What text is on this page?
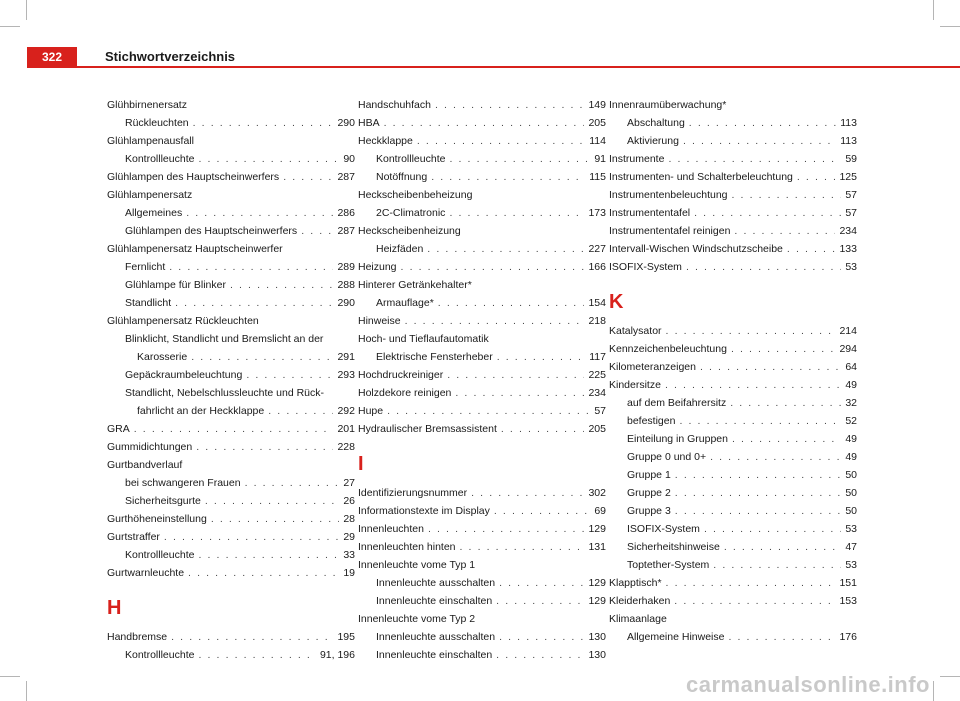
322	Stichwortverzeichnis
Glühbirnenersatz
Rückleuchten . . .	290
Glühlampenausfall
Kontrollleuchte . . .	90
Glühlampen des Hauptscheinwerfers . . .	287
Glühlampenersatz
Allgemeines . . .	286
Glühlampen des Hauptscheinwerfers . . .	287
Glühlampenersatz Hauptscheinwerfer
Fernlicht . . .	289
Glühlampe für Blinker . . .	288
Standlicht . . .	290
Glühlampenersatz Rückleuchten
Blinklicht, Standlicht und Bremslicht an der
Karosserie . . .	291
Gepäckraumbeleuchtung . . .	293
Standlicht, Nebelschlussleuchte und Rück-
fahrlicht an der Heckklappe . . .	292
GRA . . .	201
Gummidichtungen . . .	228
Gurtbandverlauf
bei schwangeren Frauen . . .	27
Sicherheitsgurte . . .	26
Gurthöheneinstellung . . .	28
Gurtstraffer . . .	29
Kontrollleuchte . . .	33
Gurtwarnleuchte . . .	19
H
Handbremse . . .	195
Kontrollleuchte . . .	91, 196
Handschuhfach . . .	149
HBA . . .	205
Heckklappe . . .	114
Kontrollleuchte . . .	91
Notöffnung . . .	115
Heckscheibenbeheizung
2C-Climatronic . . .	173
Heckscheibenheizung
Heizfäden . . .	227
Heizung . . .	166
Hinterer Getränkehalter*
Armauflage* . . .	154
Hinweise . . .	218
Hoch- und Tieflaufautomatik
Elektrische Fensterheber . . .	117
Hochdruckreiniger . . .	225
Holzdekore reinigen . . .	234
Hupe . . .	57
Hydraulischer Bremsassistent . . .	205
I
Identifizierungsnummer . . .	302
Informationstexte im Display . . .	69
Innenleuchten . . .	129
Innenleuchten hinten . . .	131
Innenleuchte vome Typ 1
Innenleuchte ausschalten . . .	129
Innenleuchte einschalten . . .	129
Innenleuchte vome Typ 2
Innenleuchte ausschalten . . .	130
Innenleuchte einschalten . . .	130
Innenraumüberwachung*
Abschaltung . . .	113
Aktivierung . . .	113
Instrumente . . .	59
Instrumenten- und Schalterbeleuchtung . . .	125
Instrumentenbeleuchtung . . .	57
Instrumententafel . . .	57
Instrumententafel reinigen . . .	234
Intervall-Wischen Windschutzscheibe . . .	133
ISOFIX-System . . .	53
K
Katalysator . . .	214
Kennzeichenbeleuchtung . . .	294
Kilometeranzeigen . . .	64
Kindersitze . . .	49
auf dem Beifahrersitz . . .	32
befestigen . . .	52
Einteilung in Gruppen . . .	49
Gruppe 0 und 0+ . . .	49
Gruppe 1 . . .	50
Gruppe 2 . . .	50
Gruppe 3 . . .	50
ISOFIX-System . . .	53
Sicherheitshinweise . . .	47
Toptether-System . . .	53
Klapptisch* . . .	151
Kleiderhaken . . .	153
Klimaanlage
Allgemeine Hinweise . . .	176
carmanualsonline.info
